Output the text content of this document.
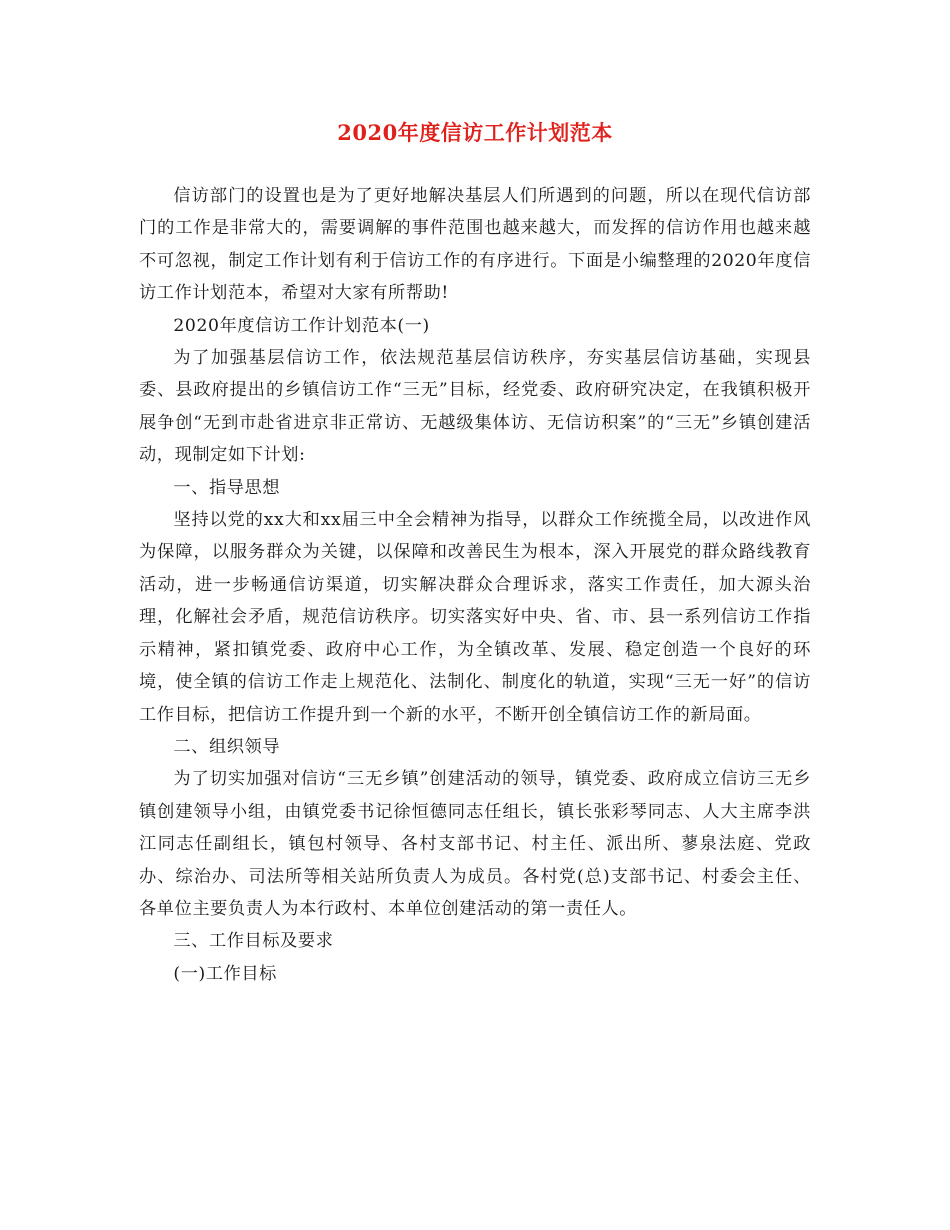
2020年度信访工作计划范本

信访部门的设置也是为了更好地解决基层人们所遇到的问题，所以在现代信访部门的工作是非常大的，需要调解的事件范围也越来越大，而发挥的信访作用也越来越不可忽视，制定工作计划有利于信访工作的有序进行。下面是小编整理的2020年度信访工作计划范本，希望对大家有所帮助!

2020年度信访工作计划范本(一)

为了加强基层信访工作，依法规范基层信访秩序，夯实基层信访基础，实现县委、县政府提出的乡镇信访工作“三无”目标，经党委、政府研究决定，在我镇积极开展争创“无到市赴省进京非正常访、无越级集体访、无信访积案”的“三无”乡镇创建活动，现制定如下计划:

一、指导思想

坚持以党的xx大和xx届三中全会精神为指导，以群众工作统揽全局，以改进作风为保障，以服务群众为关键，以保障和改善民生为根本，深入开展党的群众路线教育活动，进一步畅通信访渠道，切实解决群众合理诉求，落实工作责任，加大源头治理，化解社会矛盾，规范信访秩序。切实落实好中央、省、市、县一系列信访工作指示精神，紧扣镇党委、政府中心工作，为全镇改革、发展、稳定创造一个良好的环境，使全镇的信访工作走上规范化、法制化、制度化的轨道，实现“三无一好”的信访工作目标，把信访工作提升到一个新的水平，不断开创全镇信访工作的新局面。

二、组织领导

为了切实加强对信访“三无乡镇”创建活动的领导，镇党委、政府成立信访三无乡镇创建领导小组，由镇党委书记徐恒德同志任组长，镇长张彩琴同志、人大主席李洪江同志任副组长，镇包村领导、各村支部书记、村主任、派出所、蓼泉法庭、党政办、综治办、司法所等相关站所负责人为成员。各村党(总)支部书记、村委会主任、各单位主要负责人为本行政村、本单位创建活动的第一责任人。

三、工作目标及要求

(一)工作目标
